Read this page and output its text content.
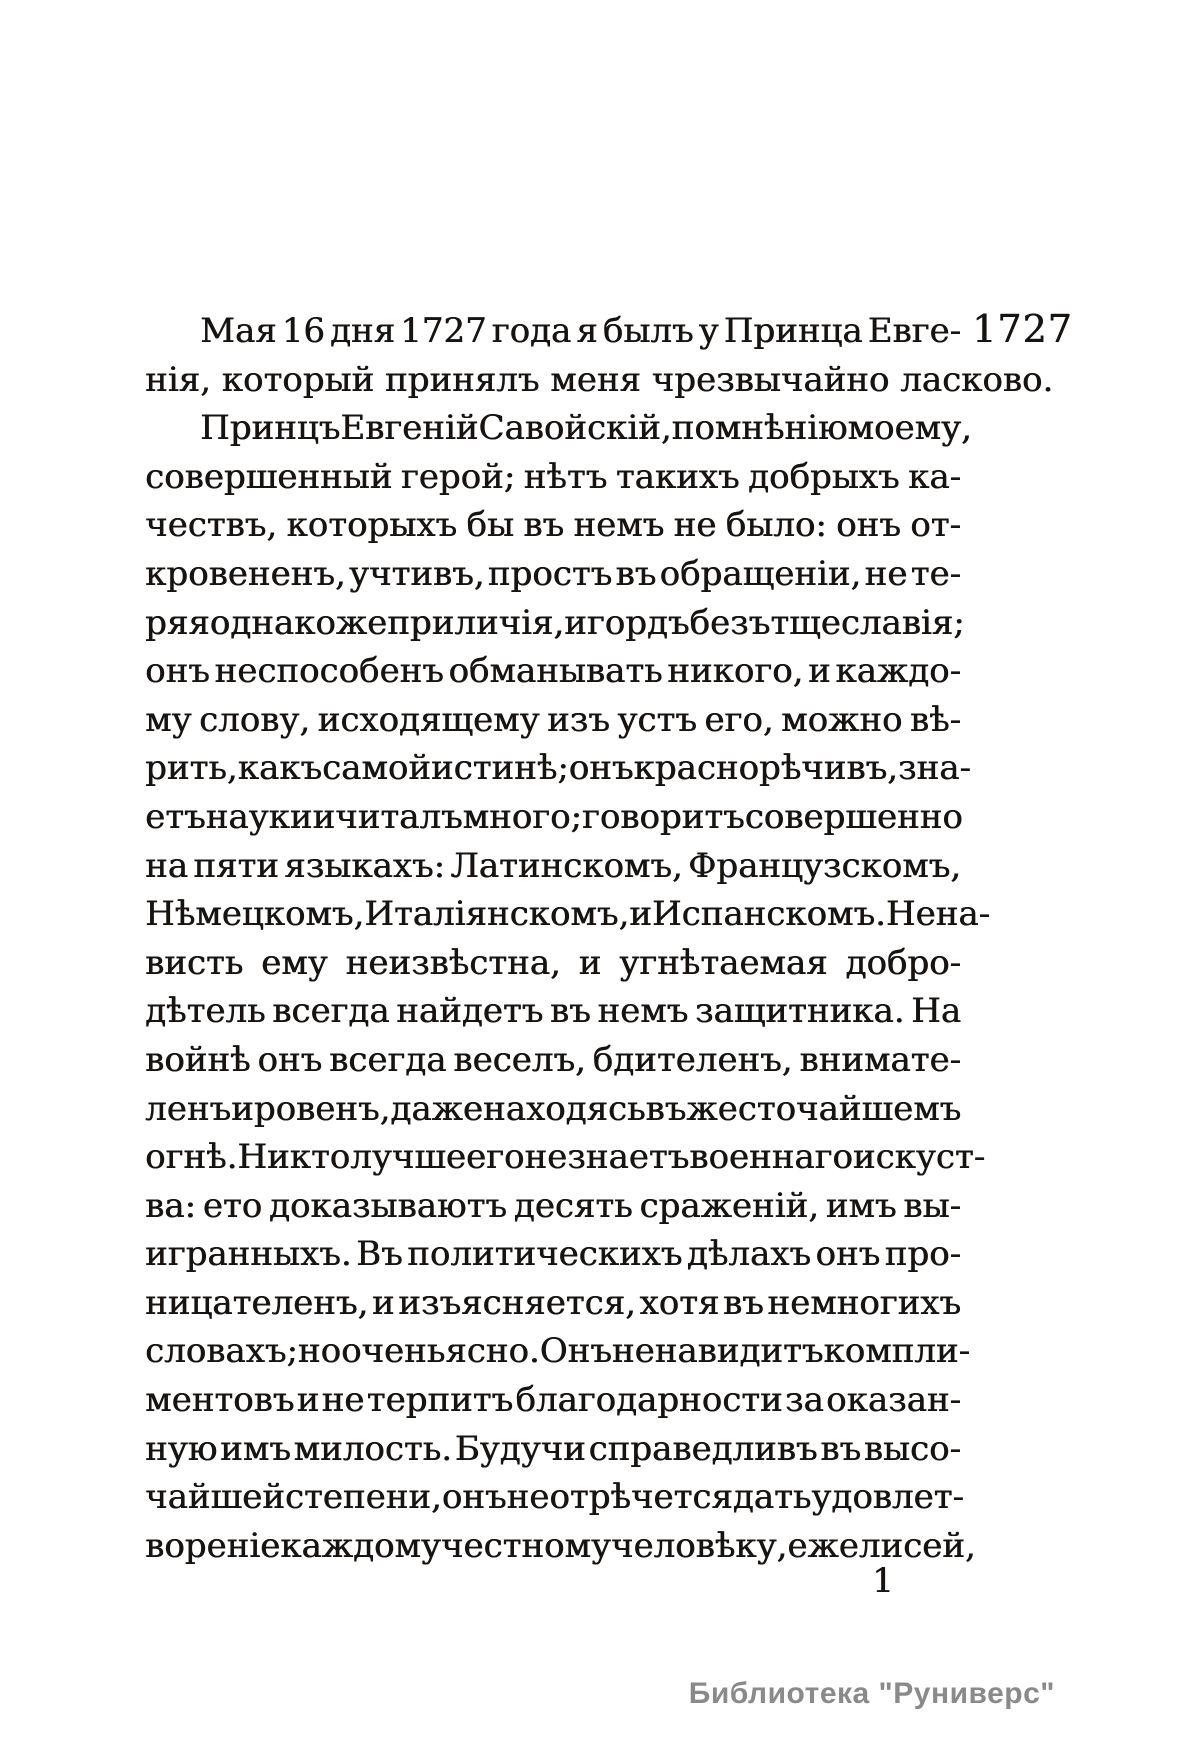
Мая 16 дня 1727 года я былъ у Принца Евге-
нія, который принялъ меня чрезвычайно ласково.
Принцъ Евгеній Савойскій, по мнѣнію моему,
совершенный герой; нѣтъ такихъ добрыхъ ка-
чествъ, которыхъ бы въ немъ не было: онъ от-
кровененъ, учтивъ, простъ въ обращеніи, не те-
ряя однако же приличія, и гордъ безъ тщеславія;
онъ неспособенъ обманывать никого, и каждо-
му слову, исходящему изъ устъ его, можно вѣ-
рить, какъ самой истинѣ; онъ краснорѣчивъ, зна-
етъ науки и читалъ много; говоритъ совершенно
на пяти языкахъ: Латинскомъ, Французскомъ,
Нѣмецкомъ, Италіянскомъ, и Испанскомъ. Нена-
висть ему неизвѣстна, и угнѣтаемая добро-
дѣтель всегда найдетъ въ немъ защитника. На
войнѣ онъ всегда веселъ, бдителенъ, внимате-
ленъ и ровенъ, даже находясь въ жесточайшемъ
огнѣ. Никто лучше его не знаетъ военнаго искуст-
ва: ето доказываютъ десять сраженій, имъ вы-
игранныхъ. Въ политическихъ дѣлахъ онъ про-
ницателенъ, и изъясняется, хотя въ немногихъ
словахъ; но очень ясно. Онъ ненавидитъ компли-
ментовъ и не терпитъ благодарности за оказан-
ную имъ милость. Будучи справедливъ въ высо-
чайшей степени, онъ не отрѣчется дать удовлет-
вореніе каждому честному человѣку, ежели сей,
1727
1
Библиотека "Руниверс"
